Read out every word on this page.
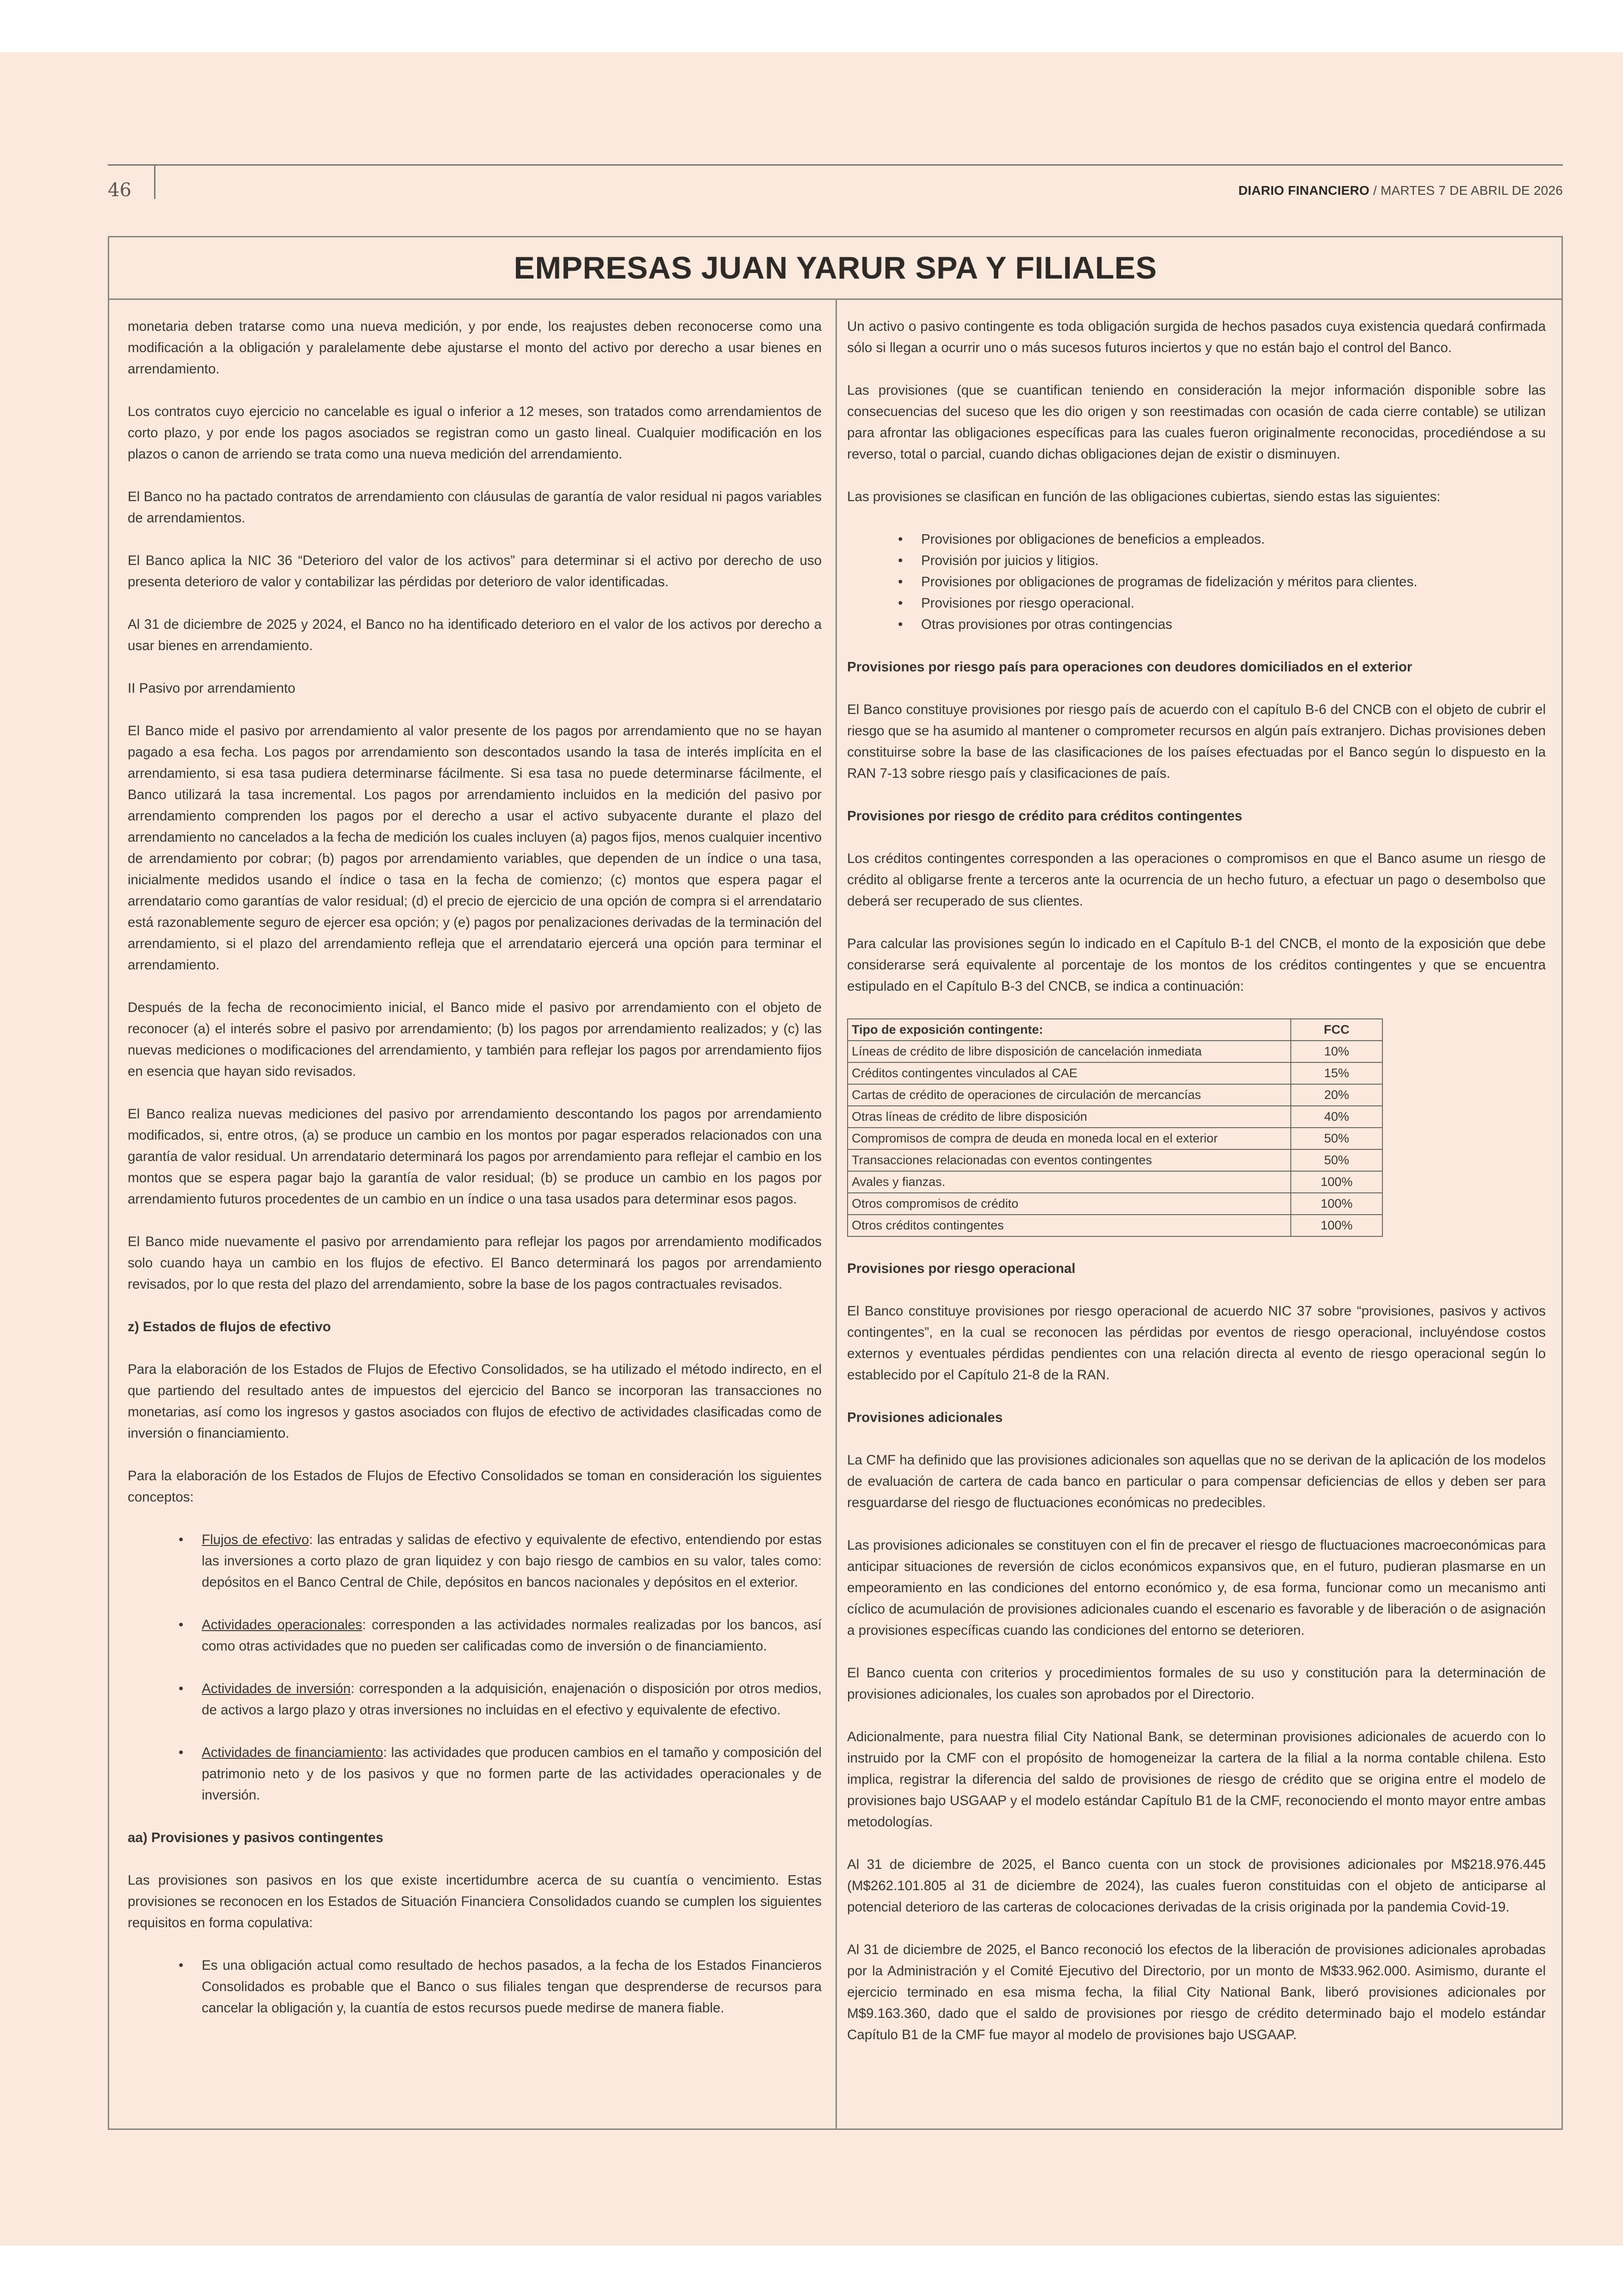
46	DIARIO FINANCIERO / MARTES 7 DE ABRIL DE 2026
EMPRESAS JUAN YARUR SPA Y FILIALES

monetaria deben tratarse como una nueva medición, y por ende, los reajustes deben reconocerse como una modificación a la obligación y paralelamente debe ajustarse el monto del activo por derecho a usar bienes en arrendamiento.

Los contratos cuyo ejercicio no cancelable es igual o inferior a 12 meses, son tratados como arrendamientos de corto plazo, y por ende los pagos asociados se registran como un gasto lineal. Cualquier modificación en los plazos o canon de arriendo se trata como una nueva medición del arrendamiento.

El Banco no ha pactado contratos de arrendamiento con cláusulas de garantía de valor residual ni pagos variables de arrendamientos.

El Banco aplica la NIC 36 “Deterioro del valor de los activos” para determinar si el activo por derecho de uso presenta deterioro de valor y contabilizar las pérdidas por deterioro de valor identificadas.

Al 31 de diciembre de 2025 y 2024, el Banco no ha identificado deterioro en el valor de los activos por derecho a usar bienes en arrendamiento.

II Pasivo por arrendamiento

El Banco mide el pasivo por arrendamiento al valor presente de los pagos por arrendamiento que no se hayan pagado a esa fecha. Los pagos por arrendamiento son descontados usando la tasa de interés implícita en el arrendamiento, si esa tasa pudiera determinarse fácilmente. Si esa tasa no puede determinarse fácilmente, el Banco utilizará la tasa incremental. Los pagos por arrendamiento incluidos en la medición del pasivo por arrendamiento comprenden los pagos por el derecho a usar el activo subyacente durante el plazo del arrendamiento no cancelados a la fecha de medición los cuales incluyen (a) pagos fijos, menos cualquier incentivo de arrendamiento por cobrar; (b) pagos por arrendamiento variables, que dependen de un índice o una tasa, inicialmente medidos usando el índice o tasa en la fecha de comienzo; (c) montos que espera pagar el arrendatario como garantías de valor residual; (d) el precio de ejercicio de una opción de compra si el arrendatario está razonablemente seguro de ejercer esa opción; y (e) pagos por penalizaciones derivadas de la terminación del arrendamiento, si el plazo del arrendamiento refleja que el arrendatario ejercerá una opción para terminar el arrendamiento.

Después de la fecha de reconocimiento inicial, el Banco mide el pasivo por arrendamiento con el objeto de reconocer (a) el interés sobre el pasivo por arrendamiento; (b) los pagos por arrendamiento realizados; y (c) las nuevas mediciones o modificaciones del arrendamiento, y también para reflejar los pagos por arrendamiento fijos en esencia que hayan sido revisados.

El Banco realiza nuevas mediciones del pasivo por arrendamiento descontando los pagos por arrendamiento modificados, si, entre otros, (a) se produce un cambio en los montos por pagar esperados relacionados con una garantía de valor residual. Un arrendatario determinará los pagos por arrendamiento para reflejar el cambio en los montos que se espera pagar bajo la garantía de valor residual; (b) se produce un cambio en los pagos por arrendamiento futuros procedentes de un cambio en un índice o una tasa usados para determinar esos pagos.

El Banco mide nuevamente el pasivo por arrendamiento para reflejar los pagos por arrendamiento modificados solo cuando haya un cambio en los flujos de efectivo. El Banco determinará los pagos por arrendamiento revisados, por lo que resta del plazo del arrendamiento, sobre la base de los pagos contractuales revisados.

z) Estados de flujos de efectivo

Para la elaboración de los Estados de Flujos de Efectivo Consolidados, se ha utilizado el método indirecto, en el que partiendo del resultado antes de impuestos del ejercicio del Banco se incorporan las transacciones no monetarias, así como los ingresos y gastos asociados con flujos de efectivo de actividades clasificadas como de inversión o financiamiento.

Para la elaboración de los Estados de Flujos de Efectivo Consolidados se toman en consideración los siguientes conceptos:

• Flujos de efectivo: las entradas y salidas de efectivo y equivalente de efectivo, entendiendo por estas las inversiones a corto plazo de gran liquidez y con bajo riesgo de cambios en su valor, tales como: depósitos en el Banco Central de Chile, depósitos en bancos nacionales y depósitos en el exterior.
• Actividades operacionales: corresponden a las actividades normales realizadas por los bancos, así como otras actividades que no pueden ser calificadas como de inversión o de financiamiento.
• Actividades de inversión: corresponden a la adquisición, enajenación o disposición por otros medios, de activos a largo plazo y otras inversiones no incluidas en el efectivo y equivalente de efectivo.
• Actividades de financiamiento: las actividades que producen cambios en el tamaño y composición del patrimonio neto y de los pasivos y que no formen parte de las actividades operacionales y de inversión.
aa) Provisiones y pasivos contingentes

Las provisiones son pasivos en los que existe incertidumbre acerca de su cuantía o vencimiento. Estas provisiones se reconocen en los Estados de Situación Financiera Consolidados cuando se cumplen los siguientes requisitos en forma copulativa:

• Es una obligación actual como resultado de hechos pasados, a la fecha de los Estados Financieros Consolidados es probable que el Banco o sus filiales tengan que desprenderse de recursos para cancelar la obligación y, la cuantía de estos recursos puede medirse de manera fiable.

Un activo o pasivo contingente es toda obligación surgida de hechos pasados cuya existencia quedará confirmada sólo si llegan a ocurrir uno o más sucesos futuros inciertos y que no están bajo el control del Banco.

Las provisiones (que se cuantifican teniendo en consideración la mejor información disponible sobre las consecuencias del suceso que les dio origen y son reestimadas con ocasión de cada cierre contable) se utilizan para afrontar las obligaciones específicas para las cuales fueron originalmente reconocidas, procediéndose a su reverso, total o parcial, cuando dichas obligaciones dejan de existir o disminuyen.

Las provisiones se clasifican en función de las obligaciones cubiertas, siendo estas las siguientes:

• Provisiones por obligaciones de beneficios a empleados.
• Provisión por juicios y litigios.
• Provisiones por obligaciones de programas de fidelización y méritos para clientes.
• Provisiones por riesgo operacional.
• Otras provisiones por otras contingencias
Provisiones por riesgo país para operaciones con deudores domiciliados en el exterior

El Banco constituye provisiones por riesgo país de acuerdo con el capítulo B-6 del CNCB con el objeto de cubrir el riesgo que se ha asumido al mantener o comprometer recursos en algún país extranjero. Dichas provisiones deben constituirse sobre la base de las clasificaciones de los países efectuadas por el Banco según lo dispuesto en la RAN 7-13 sobre riesgo país y clasificaciones de país.

Provisiones por riesgo de crédito para créditos contingentes

Los créditos contingentes corresponden a las operaciones o compromisos en que el Banco asume un riesgo de crédito al obligarse frente a terceros ante la ocurrencia de un hecho futuro, a efectuar un pago o desembolso que deberá ser recuperado de sus clientes.

Para calcular las provisiones según lo indicado en el Capítulo B-1 del CNCB, el monto de la exposición que debe considerarse será equivalente al porcentaje de los montos de los créditos contingentes y que se encuentra estipulado en el Capítulo B-3 del CNCB, se indica a continuación:

Tipo de exposición contingente:	FCC
Líneas de crédito de libre disposición de cancelación inmediata	10%
Créditos contingentes vinculados al CAE	15%
Cartas de crédito de operaciones de circulación de mercancías	20%
Otras líneas de crédito de libre disposición	40%
Compromisos de compra de deuda en moneda local en el exterior	50%
Transacciones relacionadas con eventos contingentes	50%
Avales y fianzas.	100%
Otros compromisos de crédito	100%
Otros créditos contingentes	100%
Provisiones por riesgo operacional

El Banco constituye provisiones por riesgo operacional de acuerdo NIC 37 sobre “provisiones, pasivos y activos contingentes”, en la cual se reconocen las pérdidas por eventos de riesgo operacional, incluyéndose costos externos y eventuales pérdidas pendientes con una relación directa al evento de riesgo operacional según lo establecido por el Capítulo 21-8 de la RAN.

Provisiones adicionales

La CMF ha definido que las provisiones adicionales son aquellas que no se derivan de la aplicación de los modelos de evaluación de cartera de cada banco en particular o para compensar deficiencias de ellos y deben ser para resguardarse del riesgo de fluctuaciones económicas no predecibles.

Las provisiones adicionales se constituyen con el fin de precaver el riesgo de fluctuaciones macroeconómicas para anticipar situaciones de reversión de ciclos económicos expansivos que, en el futuro, pudieran plasmarse en un empeoramiento en las condiciones del entorno económico y, de esa forma, funcionar como un mecanismo anti cíclico de acumulación de provisiones adicionales cuando el escenario es favorable y de liberación o de asignación a provisiones específicas cuando las condiciones del entorno se deterioren.

El Banco cuenta con criterios y procedimientos formales de su uso y constitución para la determinación de provisiones adicionales, los cuales son aprobados por el Directorio.

Adicionalmente, para nuestra filial City National Bank, se determinan provisiones adicionales de acuerdo con lo instruido por la CMF con el propósito de homogeneizar la cartera de la filial a la norma contable chilena. Esto implica, registrar la diferencia del saldo de provisiones de riesgo de crédito que se origina entre el modelo de provisiones bajo USGAAP y el modelo estándar Capítulo B1 de la CMF, reconociendo el monto mayor entre ambas metodologías.

Al 31 de diciembre de 2025, el Banco cuenta con un stock de provisiones adicionales por M$218.976.445 (M$262.101.805 al 31 de diciembre de 2024), las cuales fueron constituidas con el objeto de anticiparse al potencial deterioro de las carteras de colocaciones derivadas de la crisis originada por la pandemia Covid-19.

Al 31 de diciembre de 2025, el Banco reconoció los efectos de la liberación de provisiones adicionales aprobadas por la Administración y el Comité Ejecutivo del Directorio, por un monto de M$33.962.000. Asimismo, durante el ejercicio terminado en esa misma fecha, la filial City National Bank, liberó provisiones adicionales por M$9.163.360, dado que el saldo de provisiones por riesgo de crédito determinado bajo el modelo estándar Capítulo B1 de la CMF fue mayor al modelo de provisiones bajo USGAAP.
